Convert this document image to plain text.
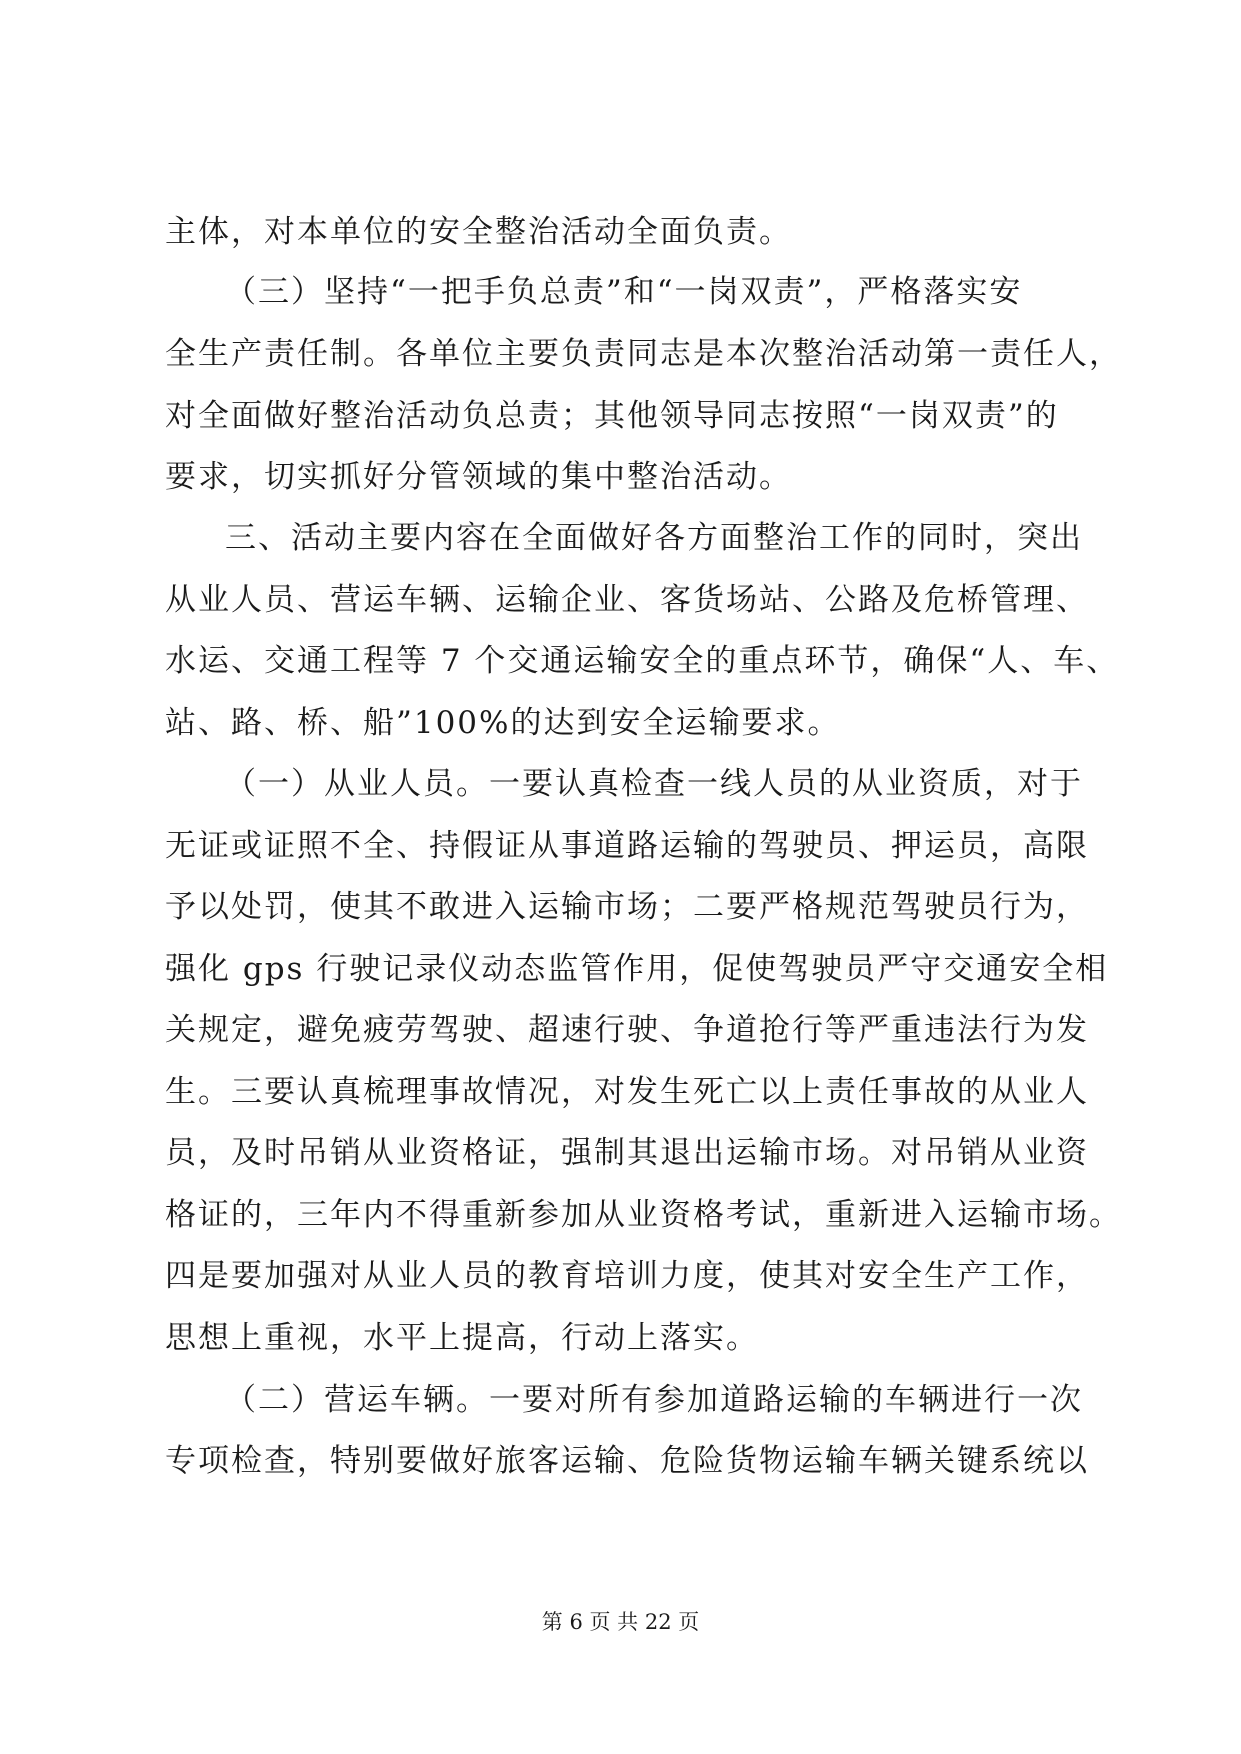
主体，对本单位的安全整治活动全面负责。
（三）坚持“一把手负总责”和“一岗双责”，严格落实安
全生产责任制。各单位主要负责同志是本次整治活动第一责任人，
对全面做好整治活动负总责；其他领导同志按照“一岗双责”的
要求，切实抓好分管领域的集中整治活动。
三、活动主要内容在全面做好各方面整治工作的同时，突出
从业人员、营运车辆、运输企业、客货场站、公路及危桥管理、
水运、交通工程等 7 个交通运输安全的重点环节，确保“人、车、
站、路、桥、船”100%的达到安全运输要求。
（一）从业人员。一要认真检查一线人员的从业资质，对于
无证或证照不全、持假证从事道路运输的驾驶员、押运员，高限
予以处罚，使其不敢进入运输市场；二要严格规范驾驶员行为，
强化 gps 行驶记录仪动态监管作用，促使驾驶员严守交通安全相
关规定，避免疲劳驾驶、超速行驶、争道抢行等严重违法行为发
生。三要认真梳理事故情况，对发生死亡以上责任事故的从业人
员，及时吊销从业资格证，强制其退出运输市场。对吊销从业资
格证的，三年内不得重新参加从业资格考试，重新进入运输市场。
四是要加强对从业人员的教育培训力度，使其对安全生产工作，
思想上重视，水平上提高，行动上落实。
（二）营运车辆。一要对所有参加道路运输的车辆进行一次
专项检查，特别要做好旅客运输、危险货物运输车辆关键系统以
第 6 页 共 22 页
